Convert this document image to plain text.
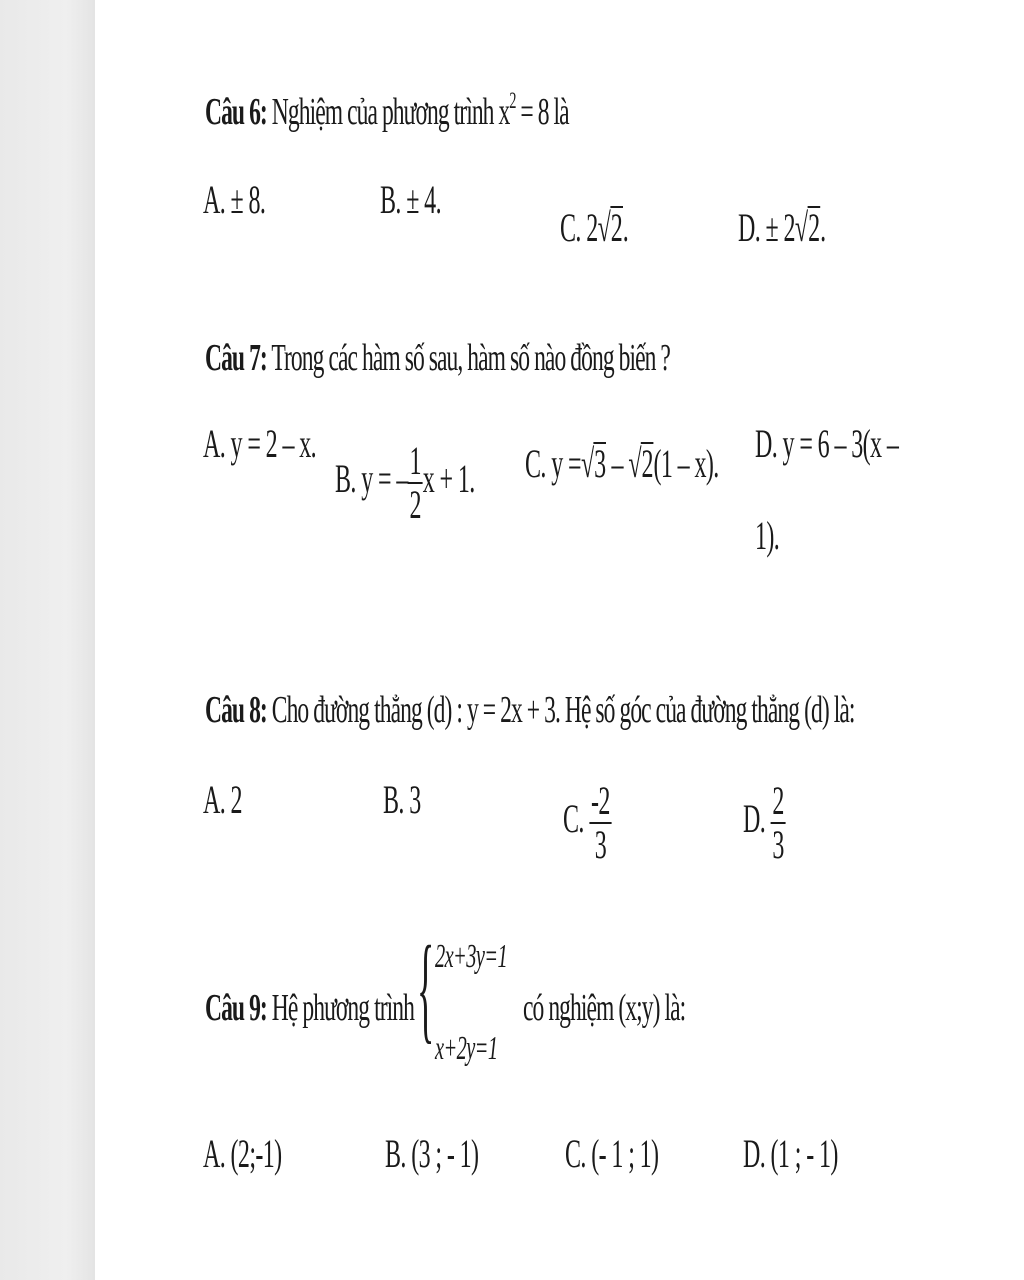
Câu 6: Nghiệm của phương trình $x^2 = 8$ là
A. ± 8.	B. ± 4.
C. 2√2.	D. ± 2√2.
Câu 7: Trong các hàm số sau, hàm số nào đồng biến ?
A. y = 2 – x.
B. y = – $\frac{1}{2}$ x + 1. C. y =√3 – √2(1 – x). D. y = 6 – 3(x –
1).
Câu 8: Cho đường thẳng (d) : y = 2x + 3. Hệ số góc của đường thẳng (d) là:
A. 2	B. 3	C. $\frac{-2}{3}$	D. $\frac{2}{3}$
Câu 9: Hệ phương trình { 2x+3y=1
x+2y=1
có nghiệm (x;y) là:
A. (2;-1)	B. (3 ; - 1) C. (- 1 ; 1) D. (1 ; - 1)
